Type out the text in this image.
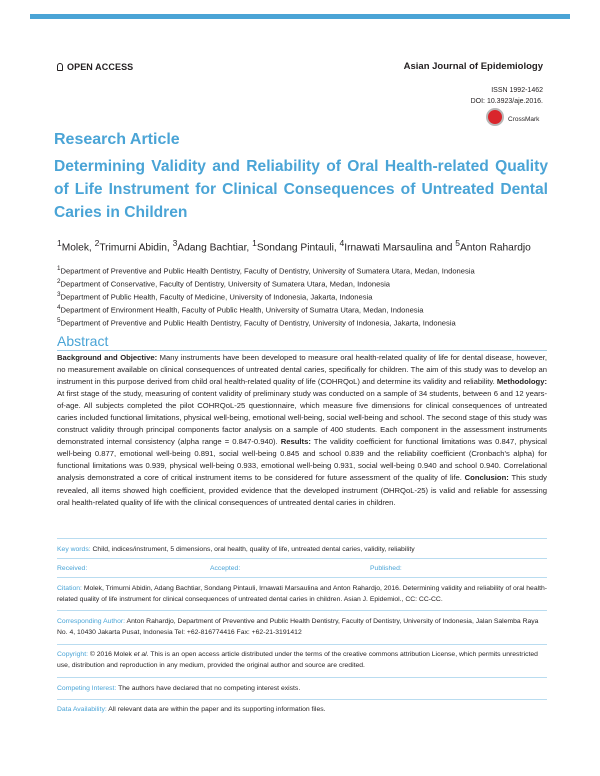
OPEN ACCESS	Asian Journal of Epidemiology
ISSN 1992-1462
DOI: 10.3923/aje.2016.
CrossMark
Research Article
Determining Validity and Reliability of Oral Health-related Quality of Life Instrument for Clinical Consequences of Untreated Dental Caries in Children
$^1$Molek, $^2$Trimurni Abidin, $^3$Adang Bachtiar, $^1$Sondang Pintauli, $^4$Irnawati Marsaulina and $^5$Anton Rahardjo
$^1$Department of Preventive and Public Health Dentistry, Faculty of Dentistry, University of Sumatera Utara, Medan, Indonesia
$^2$Department of Conservative, Faculty of Dentistry, University of Sumatera Utara, Medan, Indonesia
$^3$Department of Public Health, Faculty of Medicine, University of Indonesia, Jakarta, Indonesia
$^4$Department of Environment Health, Faculty of Public Health, University of Sumatra Utara, Medan, Indonesia
$^5$Department of Preventive and Public Health Dentistry, Faculty of Dentistry, University of Indonesia, Jakarta, Indonesia
Abstract
Background and Objective: Many instruments have been developed to measure oral health-related quality of life for dental disease, however, no measurement available on clinical consequences of untreated dental caries, specifically for children. The aim of this study was to develop an instrument in this purpose derived from child oral health-related quality of life (COHRQoL) and determine its validity and reliability. Methodology: At first stage of the study, measuring of content validity of preliminary study was conducted on a sample of 34 students, between 6 and 12 years-of-age. All subjects completed the pilot COHRQoL-25 questionnaire, which measure five dimensions for clinical consequences of untreated caries included functional limitations, physical well-being, emotional well-being, social well-being and school. The second stage of this study was construct validity through principal components factor analysis on a sample of 400 students. Each component in the assessment instruments demonstrated internal consistency (alpha range = 0.847-0.940). Results: The validity coefficient for functional limitations was 0.847, physical well-being 0.877, emotional well-being 0.891, social well-being 0.845 and school 0.839 and the reliability coefficient (Cronbach's alpha) for functional limitations was 0.939, physical well-being 0.933, emotional well-being 0.931, social well-being 0.940 and school 0.940. Correlational analysis demonstrated a core of critical instrument items to be considered for future assessment of the quality of life. Conclusion: This study revealed, all items showed high coefficient, provided evidence that the developed instrument (OHRQoL-25) is valid and reliable for assessing oral health-related quality of life with the clinical consequences of untreated dental caries in children.
Key words: Child, indices/instrument, 5 dimensions, oral health, quality of life, untreated dental caries, validity, reliability
Received:	Accepted:	Published:
Citation: Molek, Trimurni Abidin, Adang Bachtiar, Sondang Pintauli, Irnawati Marsaulina and Anton Rahardjo, 2016. Determining validity and reliability of oral health-related quality of life instrument for clinical consequences of untreated dental caries in children. Asian J. Epidemiol., CC: CC-CC.
Corresponding Author: Anton Rahardjo, Department of Preventive and Public Health Dentistry, Faculty of Dentistry, University of Indonesia, Jalan Salemba Raya No. 4, 10430 Jakarta Pusat, Indonesia Tel: +62-816774416 Fax: +62-21-3191412
Copyright: © 2016 Molek et al. This is an open access article distributed under the terms of the creative commons attribution License, which permits unrestricted use, distribution and reproduction in any medium, provided the original author and source are credited.
Competing Interest: The authors have declared that no competing interest exists.
Data Availability: All relevant data are within the paper and its supporting information files.
